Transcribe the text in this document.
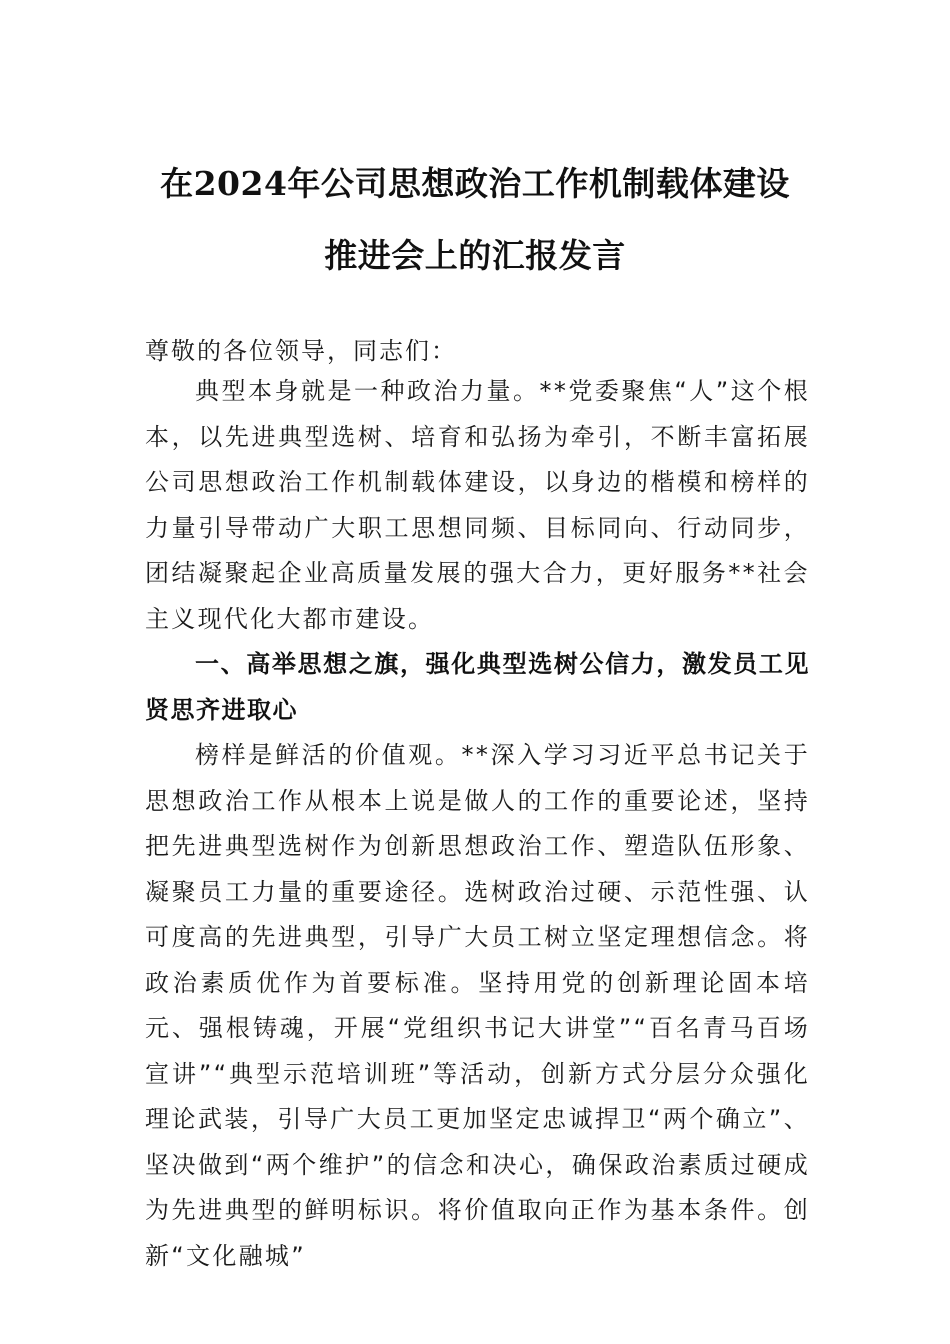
在2024年公司思想政治工作机制载体建设
推进会上的汇报发言
尊敬的各位领导，同志们：

典型本身就是一种政治力量。**党委聚焦“人”这个根本，以先进典型选树、培育和弘扬为牵引，不断丰富拓展公司思想政治工作机制载体建设，以身边的楷模和榜样的力量引导带动广大职工思想同频、目标同向、行动同步，团结凝聚起企业高质量发展的强大合力，更好服务**社会主义现代化大都市建设。

一、高举思想之旗，强化典型选树公信力，激发员工见贤思齐进取心

榜样是鲜活的价值观。**深入学习习近平总书记关于思想政治工作从根本上说是做人的工作的重要论述，坚持把先进典型选树作为创新思想政治工作、塑造队伍形象、凝聚员工力量的重要途径。选树政治过硬、示范性强、认可度高的先进典型，引导广大员工树立坚定理想信念。将政治素质优作为首要标准。坚持用党的创新理论固本培元、强根铸魂，开展“党组织书记大讲堂”“百名青马百场宣讲”“典型示范培训班”等活动，创新方式分层分众强化理论武装，引导广大员工更加坚定忠诚捍卫“两个确立”、坚决做到“两个维护”的信念和决心，确保政治素质过硬成为先进典型的鲜明标识。将价值取向正作为基本条件。创新“文化融城”
